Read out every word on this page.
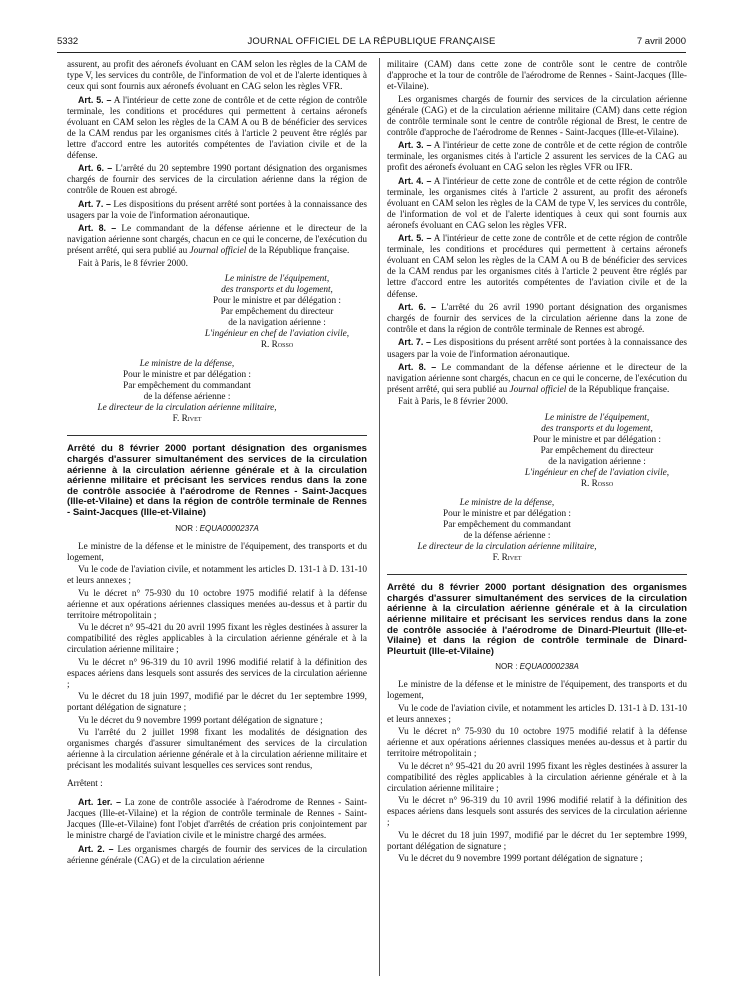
5332	JOURNAL OFFICIEL DE LA RÉPUBLIQUE FRANÇAISE	7 avril 2000

assurent, au profit des aéronefs évoluant en CAM selon les règles de la CAM de type V, les services du contrôle, de l'information de vol et de l'alerte identiques à ceux qui sont fournis aux aéronefs évoluant en CAG selon les règles VFR.

Art. 5. – A l'intérieur de cette zone de contrôle et de cette région de contrôle terminale, les conditions et procédures qui permettent à certains aéronefs évoluant en CAM selon les règles de la CAM A ou B de bénéficier des services de la CAM rendus par les organismes cités à l'article 2 peuvent être réglés par lettre d'accord entre les autorités compétentes de l'aviation civile et de la défense.

Art. 6. – L'arrêté du 20 septembre 1990 portant désignation des organismes chargés de fournir des services de la circulation aérienne dans la région de contrôle de Rouen est abrogé.

Art. 7. – Les dispositions du présent arrêté sont portées à la connaissance des usagers par la voie de l'information aéronautique.

Art. 8. – Le commandant de la défense aérienne et le directeur de la navigation aérienne sont chargés, chacun en ce qui le concerne, de l'exécution du présent arrêté, qui sera publié au Journal officiel de la République française.

Fait à Paris, le 8 février 2000.

Le ministre de l'équipement,
des transports et du logement,
Pour le ministre et par délégation :
Par empêchement du directeur
de la navigation aérienne :
L'ingénieur en chef de l'aviation civile,
R. Rosso
Le ministre de la défense,
Pour le ministre et par délégation :
Par empêchement du commandant
de la défense aérienne :
Le directeur de la circulation aérienne militaire,
F. Rivet
Arrêté du 8 février 2000 portant désignation des organismes chargés d'assurer simultanément des services de la circulation aérienne à la circulation aérienne générale et à la circulation aérienne militaire et précisant les services rendus dans la zone de contrôle associée à l'aérodrome de Rennes - Saint-Jacques (Ille-et-Vilaine) et dans la région de contrôle terminale de Rennes - Saint-Jacques (Ille-et-Vilaine)
NOR : EQUA0000237A

Le ministre de la défense et le ministre de l'équipement, des transports et du logement,

Vu le code de l'aviation civile, et notamment les articles D. 131-1 à D. 131-10 et leurs annexes ;

Vu le décret n° 75-930 du 10 octobre 1975 modifié relatif à la défense aérienne et aux opérations aériennes classiques menées au-dessus et à partir du territoire métropolitain ;

Vu le décret n° 95-421 du 20 avril 1995 fixant les règles destinées à assurer la compatibilité des règles applicables à la circulation aérienne générale et à la circulation aérienne militaire ;

Vu le décret n° 96-319 du 10 avril 1996 modifié relatif à la définition des espaces aériens dans lesquels sont assurés des services de la circulation aérienne ;

Vu le décret du 18 juin 1997, modifié par le décret du 1er septembre 1999, portant délégation de signature ;

Vu le décret du 9 novembre 1999 portant délégation de signature ;

Vu l'arrêté du 2 juillet 1998 fixant les modalités de désignation des organismes chargés d'assurer simultanément des services de la circulation aérienne à la circulation aérienne générale et à la circulation aérienne militaire et précisant les modalités suivant lesquelles ces services sont rendus,

Arrêtent :

Art. 1er. – La zone de contrôle associée à l'aérodrome de Rennes - Saint-Jacques (Ille-et-Vilaine) et la région de contrôle terminale de Rennes - Saint-Jacques (Ille-et-Vilaine) font l'objet d'arrêtés de création pris conjointement par le ministre chargé de l'aviation civile et le ministre chargé des armées.

Art. 2. – Les organismes chargés de fournir des services de la circulation aérienne générale (CAG) et de la circulation aérienne

militaire (CAM) dans cette zone de contrôle sont le centre de contrôle d'approche et la tour de contrôle de l'aérodrome de Rennes - Saint-Jacques (Ille-et-Vilaine).

Les organismes chargés de fournir des services de la circulation aérienne générale (CAG) et de la circulation aérienne militaire (CAM) dans cette région de contrôle terminale sont le centre de contrôle régional de Brest, le centre de contrôle d'approche de l'aérodrome de Rennes - Saint-Jacques (Ille-et-Vilaine).

Art. 3. – A l'intérieur de cette zone de contrôle et de cette région de contrôle terminale, les organismes cités à l'article 2 assurent les services de la CAG au profit des aéronefs évoluant en CAG selon les règles VFR ou IFR.

Art. 4. – A l'intérieur de cette zone de contrôle et de cette région de contrôle terminale, les organismes cités à l'article 2 assurent, au profit des aéronefs évoluant en CAM selon les règles de la CAM de type V, les services du contrôle, de l'information de vol et de l'alerte identiques à ceux qui sont fournis aux aéronefs évoluant en CAG selon les règles VFR.

Art. 5. – A l'intérieur de cette zone de contrôle et de cette région de contrôle terminale, les conditions et procédures qui permettent à certains aéronefs évoluant en CAM selon les règles de la CAM A ou B de bénéficier des services de la CAM rendus par les organismes cités à l'article 2 peuvent être réglés par lettre d'accord entre les autorités compétentes de l'aviation civile et de la défense.

Art. 6. – L'arrêté du 26 avril 1990 portant désignation des organismes chargés de fournir des services de la circulation aérienne dans la zone de contrôle et dans la région de contrôle terminale de Rennes est abrogé.

Art. 7. – Les dispositions du présent arrêté sont portées à la connaissance des usagers par la voie de l'information aéronautique.

Art. 8. – Le commandant de la défense aérienne et le directeur de la navigation aérienne sont chargés, chacun en ce qui le concerne, de l'exécution du présent arrêté, qui sera publié au Journal officiel de la République française.

Fait à Paris, le 8 février 2000.

Le ministre de l'équipement,
des transports et du logement,
Pour le ministre et par délégation :
Par empêchement du directeur
de la navigation aérienne :
L'ingénieur en chef de l'aviation civile,
R. Rosso
Le ministre de la défense,
Pour le ministre et par délégation :
Par empêchement du commandant
de la défense aérienne :
Le directeur de la circulation aérienne militaire,
F. Rivet
Arrêté du 8 février 2000 portant désignation des organismes chargés d'assurer simultanément des services de la circulation aérienne à la circulation aérienne générale et à la circulation aérienne militaire et précisant les services rendus dans la zone de contrôle associée à l'aérodrome de Dinard-Pleurtuit (Ille-et-Vilaine) et dans la région de contrôle terminale de Dinard-Pleurtuit (Ille-et-Vilaine)
NOR : EQUA0000238A

Le ministre de la défense et le ministre de l'équipement, des transports et du logement,

Vu le code de l'aviation civile, et notamment les articles D. 131-1 à D. 131-10 et leurs annexes ;

Vu le décret n° 75-930 du 10 octobre 1975 modifié relatif à la défense aérienne et aux opérations aériennes classiques menées au-dessus et à partir du territoire métropolitain ;

Vu le décret n° 95-421 du 20 avril 1995 fixant les règles destinées à assurer la compatibilité des règles applicables à la circulation aérienne générale et à la circulation aérienne militaire ;

Vu le décret n° 96-319 du 10 avril 1996 modifié relatif à la définition des espaces aériens dans lesquels sont assurés des services de la circulation aérienne ;

Vu le décret du 18 juin 1997, modifié par le décret du 1er septembre 1999, portant délégation de signature ;

Vu le décret du 9 novembre 1999 portant délégation de signature ;
